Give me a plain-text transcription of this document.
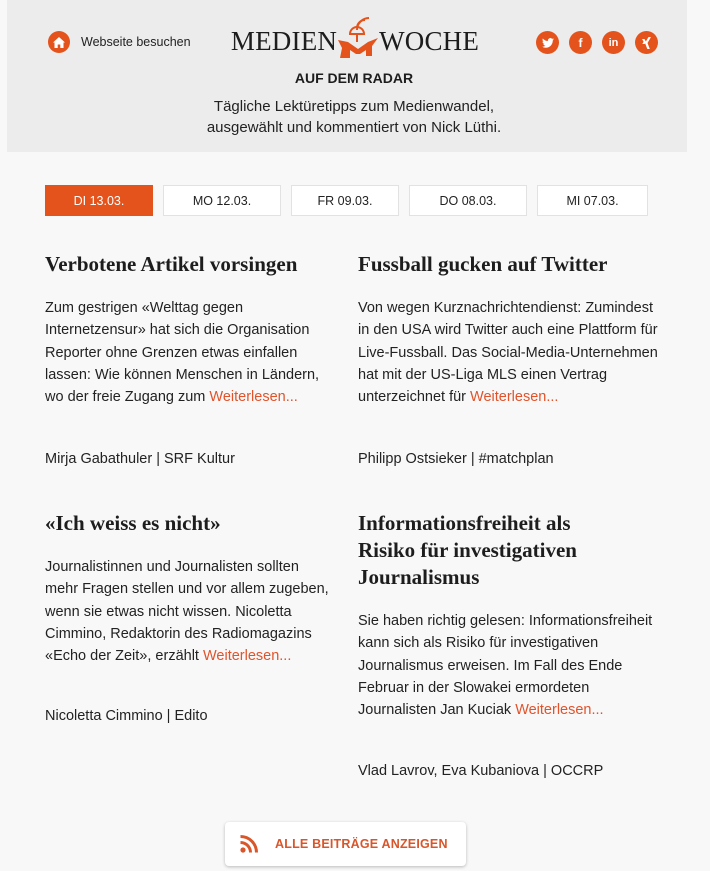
Webseite besuchen MEDIEN WOCHE	f	in
AUF DEM RADAR
Tägliche Lektüretipps zum Medienwandel,
ausgewählt und kommentiert von Nick Lüthi.
DI 13.03.	MO 12.03.	FR 09.03.	DO 08.03.	MI 07.03.
Verbotene Artikel vorsingen

Zum gestrigen «Welttag gegen Internetzensur» hat sich die Organisation Reporter ohne Grenzen etwas einfallen lassen: Wie können Menschen in Ländern, wo der freie Zugang zum Weiterlesen...

Mirja Gabathuler | SRF Kultur
Fussball gucken auf Twitter

Von wegen Kurznachrichtendienst: Zumindest in den USA wird Twitter auch eine Plattform für Live-Fussball. Das Social-Media-Unternehmen hat mit der US-Liga MLS einen Vertrag unterzeichnet für Weiterlesen...

Philipp Ostsieker | #matchplan
«Ich weiss es nicht»

Journalistinnen und Journalisten sollten mehr Fragen stellen und vor allem zugeben, wenn sie etwas nicht wissen. Nicoletta Cimmino, Redaktorin des Radiomagazins «Echo der Zeit», erzählt Weiterlesen...

Nicoletta Cimmino | Edito
Informationsfreiheit als Risiko für investigativen Journalismus

Sie haben richtig gelesen: Informationsfreiheit kann sich als Risiko für investigativen Journalismus erweisen. Im Fall des Ende Februar in der Slowakei ermordeten Journalisten Jan Kuciak Weiterlesen...

Vlad Lavrov, Eva Kubaniova | OCCRP
ALLE BEITRÄGE ANZEIGEN
